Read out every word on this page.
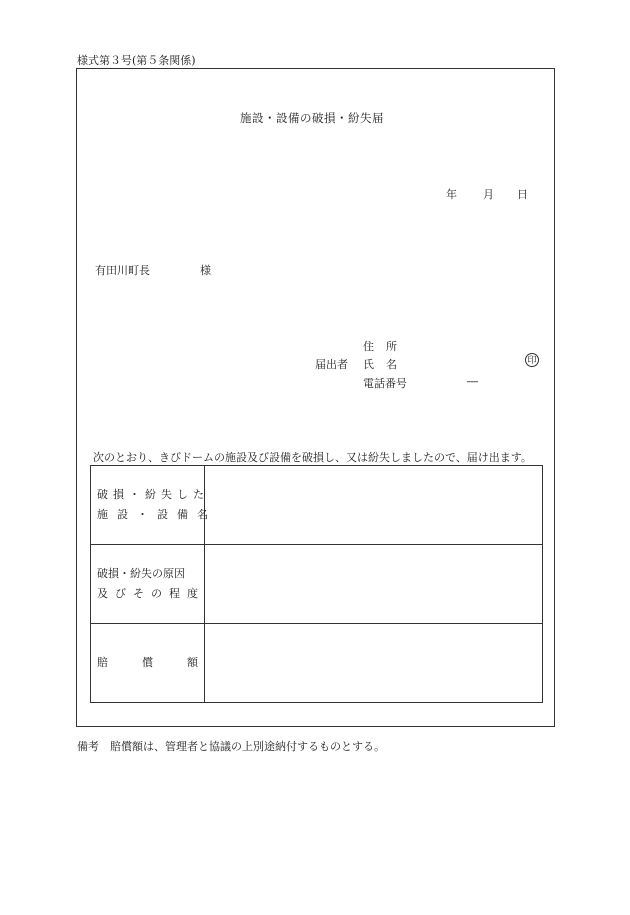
様式第３号(第５条関係)
施設・設備の破損・紛失届
年 月 日
有田川町長	様
住所
届出者 氏名	印
電話番号	―
次のとおり、きびドームの施設及び設備を破損し、又は紛失しましたので、届け出ます。
破損・紛失した
施設・設備名	

破損・紛失の原因
及びその程度	

賠償額	

備考　賠償額は、管理者と協議の上別途納付するものとする。
